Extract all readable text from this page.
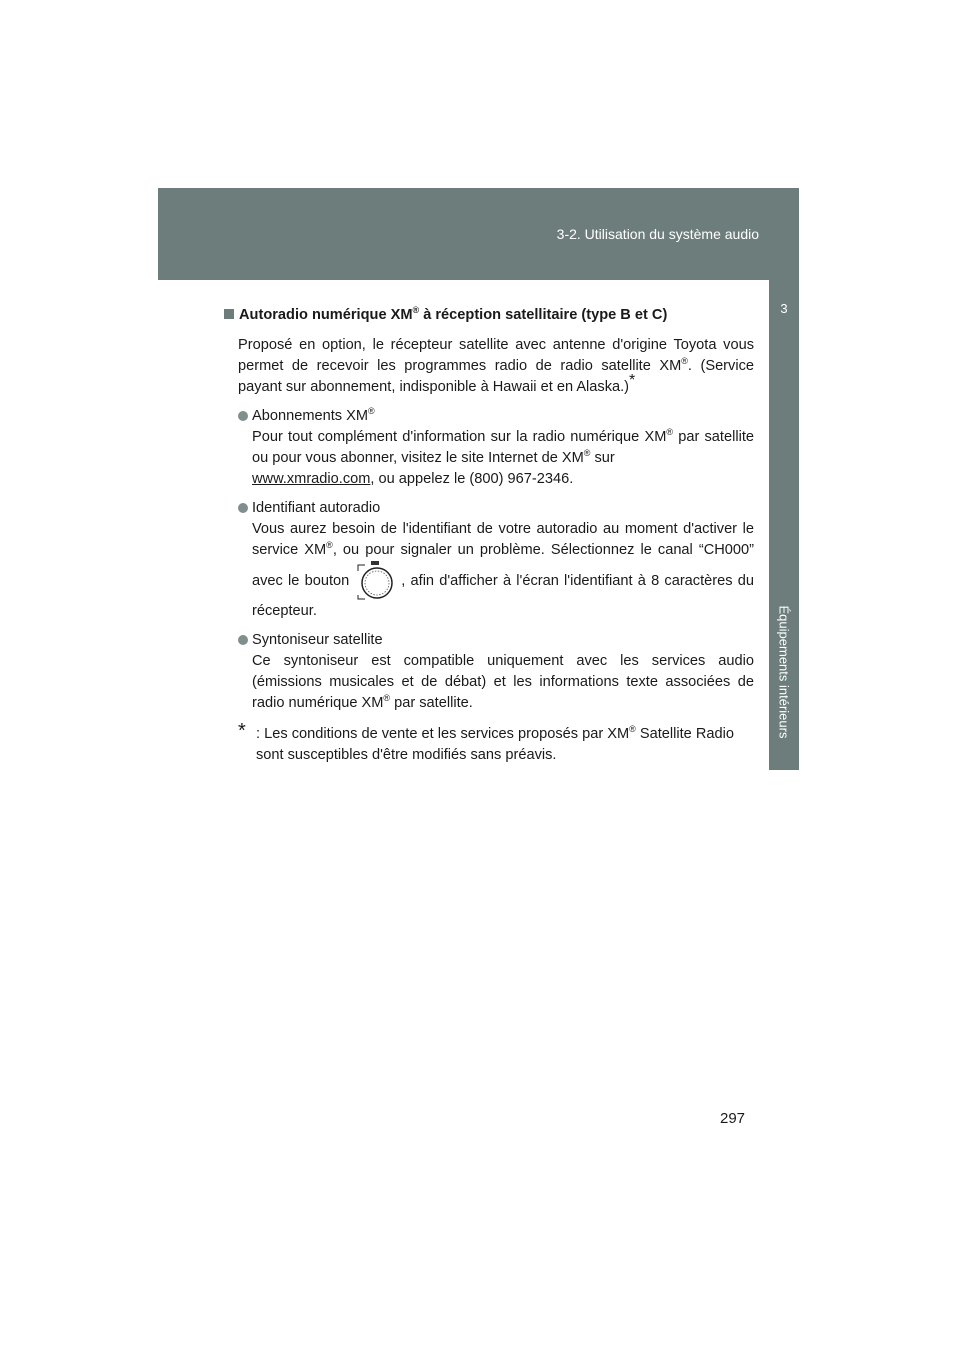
3-2. Utilisation du système audio
3
Équipements intérieurs
Autoradio numérique XM® à réception satellitaire (type B et C)
Proposé en option, le récepteur satellite avec antenne d'origine Toyota vous permet de recevoir les programmes radio de radio satellite XM®. (Service payant sur abonnement, indisponible à Hawaii et en Alaska.)*
Abonnements XM®
Pour tout complément d'information sur la radio numérique XM® par satellite ou pour vous abonner, visitez le site Internet de XM® sur
www.xmradio.com, ou appelez le (800) 967-2346.
Identifiant autoradio
Vous aurez besoin de l'identifiant de votre autoradio au moment d'activer le service XM®, ou pour signaler un problème. Sélectionnez le canal “CH000” avec le bouton	, afin d'afficher à l'écran l'identifiant à 8 caractères du récepteur.
Syntoniseur satellite
Ce syntoniseur est compatible uniquement avec les services audio (émissions musicales et de débat) et les informations texte associées de radio numérique XM® par satellite.
* : Les conditions de vente et les services proposés par XM® Satellite Radio sont susceptibles d'être modifiés sans préavis.
297
